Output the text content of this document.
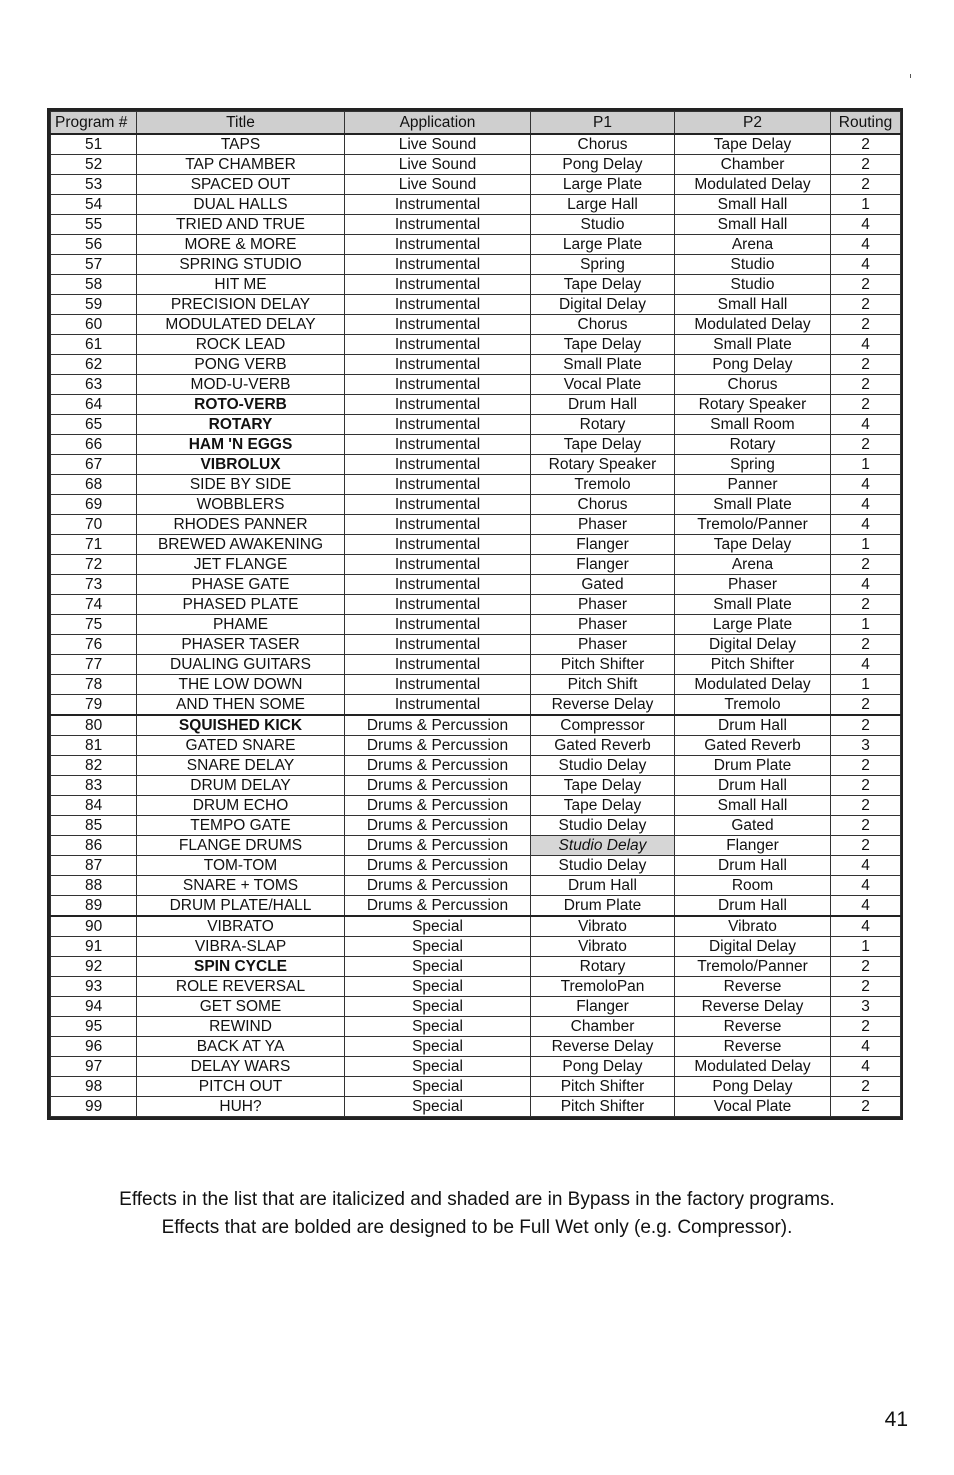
Program #	Title	Application	P1	P2	Routing
51	TAPS	Live Sound	Chorus	Tape Delay	2
52	TAP CHAMBER	Live Sound	Pong Delay	Chamber	2
53	SPACED OUT	Live Sound	Large Plate	Modulated Delay	2
54	DUAL HALLS	Instrumental	Large Hall	Small Hall	1
55	TRIED AND TRUE	Instrumental	Studio	Small Hall	4
56	MORE & MORE	Instrumental	Large Plate	Arena	4
57	SPRING STUDIO	Instrumental	Spring	Studio	4
58	HIT ME	Instrumental	Tape Delay	Studio	2
59	PRECISION DELAY	Instrumental	Digital Delay	Small Hall	2
60	MODULATED DELAY	Instrumental	Chorus	Modulated Delay	2
61	ROCK LEAD	Instrumental	Tape Delay	Small Plate	4
62	PONG VERB	Instrumental	Small Plate	Pong Delay	2
63	MOD-U-VERB	Instrumental	Vocal Plate	Chorus	2
64	ROTO-VERB	Instrumental	Drum Hall	Rotary Speaker	2
65	ROTARY	Instrumental	Rotary	Small Room	4
66	HAM 'N EGGS	Instrumental	Tape Delay	Rotary	2
67	VIBROLUX	Instrumental	Rotary Speaker	Spring	1
68	SIDE BY SIDE	Instrumental	Tremolo	Panner	4
69	WOBBLERS	Instrumental	Chorus	Small Plate	4
70	RHODES PANNER	Instrumental	Phaser	Tremolo/Panner	4
71	BREWED AWAKENING	Instrumental	Flanger	Tape Delay	1
72	JET FLANGE	Instrumental	Flanger	Arena	2
73	PHASE GATE	Instrumental	Gated	Phaser	4
74	PHASED PLATE	Instrumental	Phaser	Small Plate	2
75	PHAME	Instrumental	Phaser	Large Plate	1
76	PHASER TASER	Instrumental	Phaser	Digital Delay	2
77	DUALING GUITARS	Instrumental	Pitch Shifter	Pitch Shifter	4
78	THE LOW DOWN	Instrumental	Pitch Shift	Modulated Delay	1
79	AND THEN SOME	Instrumental	Reverse Delay	Tremolo	2
80	SQUISHED KICK	Drums & Percussion	Compressor	Drum Hall	2
81	GATED SNARE	Drums & Percussion	Gated Reverb	Gated Reverb	3
82	SNARE DELAY	Drums & Percussion	Studio Delay	Drum Plate	2
83	DRUM DELAY	Drums & Percussion	Tape Delay	Drum Hall	2
84	DRUM ECHO	Drums & Percussion	Tape Delay	Small Hall	2
85	TEMPO GATE	Drums & Percussion	Studio Delay	Gated	2
86	FLANGE DRUMS	Drums & Percussion	Studio Delay	Flanger	2
87	TOM-TOM	Drums & Percussion	Studio Delay	Drum Hall	4
88	SNARE + TOMS	Drums & Percussion	Drum Hall	Room	4
89	DRUM PLATE/HALL	Drums & Percussion	Drum Plate	Drum Hall	4
90	VIBRATO	Special	Vibrato	Vibrato	4
91	VIBRA-SLAP	Special	Vibrato	Digital Delay	1
92	SPIN CYCLE	Special	Rotary	Tremolo/Panner	2
93	ROLE REVERSAL	Special	TremoloPan	Reverse	2
94	GET SOME	Special	Flanger	Reverse Delay	3
95	REWIND	Special	Chamber	Reverse	2
96	BACK AT YA	Special	Reverse Delay	Reverse	4
97	DELAY WARS	Special	Pong Delay	Modulated Delay	4
98	PITCH OUT	Special	Pitch Shifter	Pong Delay	2
99	HUH?	Special	Pitch Shifter	Vocal Plate	2
Effects in the list that are italicized and shaded are in Bypass in the factory programs.
Effects that are bolded are designed to be Full Wet only (e.g. Compressor).
41
